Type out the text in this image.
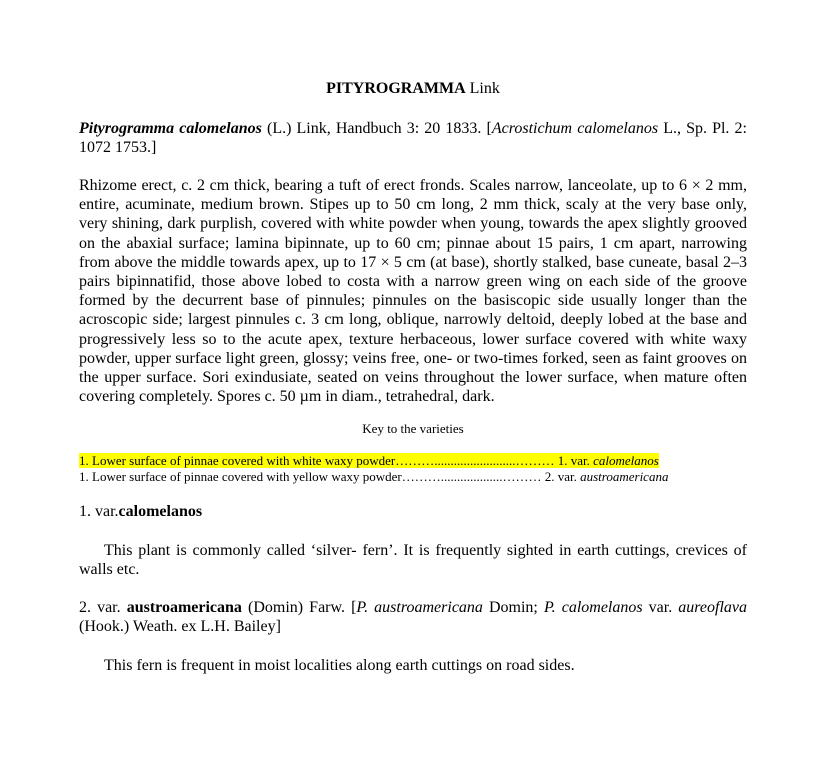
PITYROGRAMMA Link
Pityrogramma calomelanos (L.) Link, Handbuch 3: 20 1833. [Acrostichum calomelanos L., Sp. Pl. 2: 1072 1753.]
Rhizome erect, c. 2 cm thick, bearing a tuft of erect fronds. Scales narrow, lanceolate, up to 6 × 2 mm, entire, acuminate, medium brown. Stipes up to 50 cm long, 2 mm thick, scaly at the very base only, very shining, dark purplish, covered with white powder when young, towards the apex slightly grooved on the abaxial surface; lamina bipinnate, up to 60 cm; pinnae about 15 pairs, 1 cm apart, narrowing from above the middle towards apex, up to 17 × 5 cm (at base), shortly stalked, base cuneate, basal 2–3 pairs bipinnatifid, those above lobed to costa with a narrow green wing on each side of the groove formed by the decurrent base of pinnules; pinnules on the basiscopic side usually longer than the acroscopic side; largest pinnules c. 3 cm long, oblique, narrowly deltoid, deeply lobed at the base and progressively less so to the acute apex, texture herbaceous, lower surface covered with white waxy powder, upper surface light green, glossy; veins free, one- or two-times forked, seen as faint grooves on the upper surface. Sori exindusiate, seated on veins throughout the lower surface, when mature often covering completely. Spores c. 50 µm in diam., tetrahedral, dark.
Key to the varieties
1. Lower surface of pinnae covered with white waxy powder……….........................……… 1. var. calomelanos
1. Lower surface of pinnae covered with yellow waxy powder………...................……… 2. var. austroamericana
1. var.calomelanos
This plant is commonly called ‘silver- fern’. It is frequently sighted in earth cuttings, crevices of walls etc.
2. var. austroamericana (Domin) Farw. [P. austroamericana Domin; P. calomelanos var. aureoflava (Hook.) Weath. ex L.H. Bailey]
This fern is frequent in moist localities along earth cuttings on road sides.
